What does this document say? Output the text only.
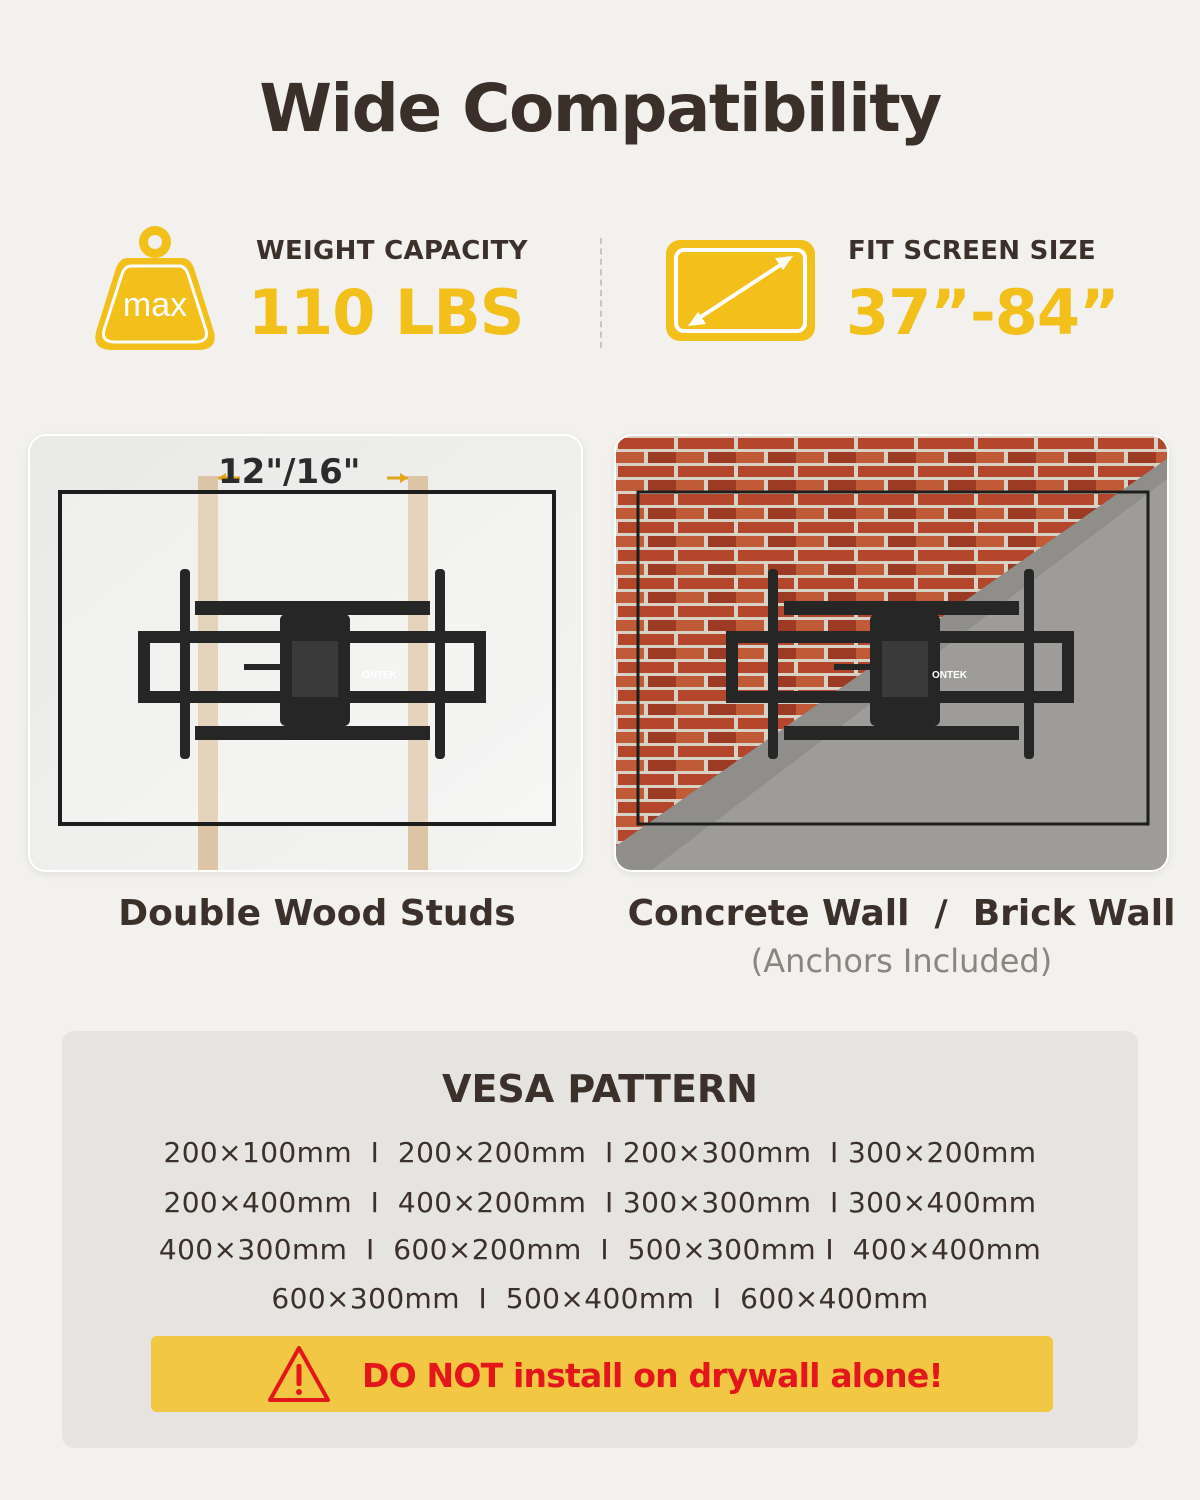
Wide Compatibility
max
WEIGHT CAPACITY
110 LBS
FIT SCREEN SIZE
37”-84”
ONTEK
12"/16"
ONTEK
Double Wood Studs	Concrete Wall  /  Brick Wall
(Anchors Included)
VESA PATTERN
200×100mm  I  200×200mm  I 200×300mm  I 300×200mm
200×400mm  I  400×200mm  I 300×300mm  I 300×400mm
400×300mm  I  600×200mm  I  500×300mm I  400×400mm
600×300mm  I  500×400mm  I  600×400mm
DO NOT install on drywall alone!
